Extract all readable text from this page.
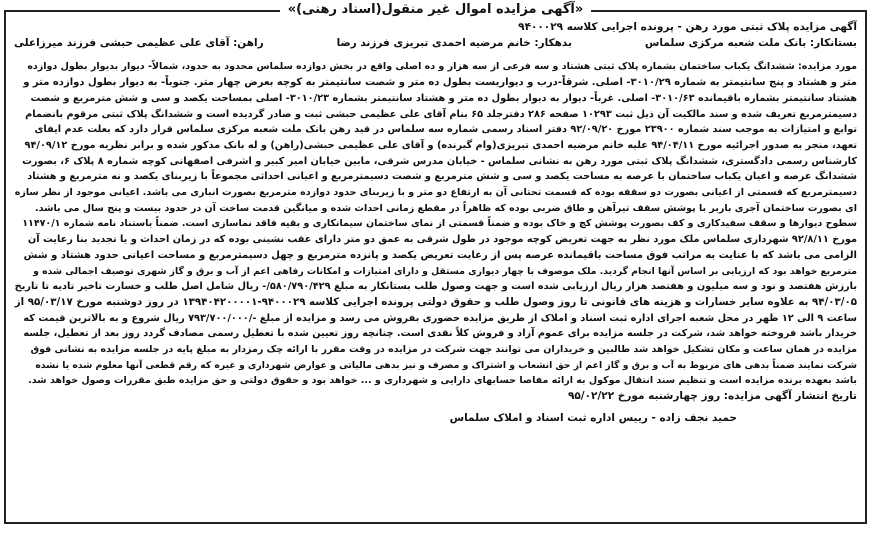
«آگهی مزایده اموال غیر منقول(اسناد رهنی)»
آگهی مزایده پلاک ثبتی مورد رهن - پرونده اجرایی کلاسه ۹۴۰۰۰۲۹
بستانکار: بانک ملت شعبه مرکزی سلماس
بدهکار: خانم مرضیه احمدی تبریزی فرزند رضا
راهن: آقای علی عظیمی حبشی فرزند میرزاعلی
مورد مزایده: ششدانگ یکباب ساختمان بشماره پلاک ثبتی هشتاد و سه فرعی از سه هزار و ده اصلی واقع در بخش دوازده سلماس محدود به حدود، شمالاً- دیوار بدیوار بطول دوازده
متر و هشتاد و پنج سانتیمتر به شماره ۳۰۱۰/۲۹- اصلی. شرقاً-درب و دیواریست بطول ده متر و شصت سانتیمتر به کوچه بعرض چهار متر. جنوباً- به دیوار بطول دوازده متر و
هشتاد سانتیمتر بشماره باقیمانده ۳۰۱۰/۶۳- اصلی. غرباً- دیوار به دیوار بطول ده متر و هشتاد سانتیمتر بشماره ۳۰۱۰/۲۳- اصلی بمساحت یکصد و سی و شش مترمربع و شصت
دسیمترمربع تعریف شده و سند مالکیت آن ذیل ثبت ۱۰۲۹۳ صفحه ۲۸۶ دفترجلد ۶۵ بنام آقای علی عظیمی حبشی ثبت و صادر گردیده است و ششدانگ پلاک ثبتی مرقوم بانضمام
توابع و امتیازات به موجب سند شماره ۲۳۹۰۰ مورخ ۹۲/۰۹/۲۰ دفتر اسناد رسمی شماره سه سلماس در قید رهن بانک ملت شعبه مرکزی سلماس قرار دارد که بعلت عدم ایفای
تعهد، منجر به صدور اجرائیه مورخ ۹۴/۰۴/۱۱ علیه خانم مرضیه احمدی تبریزی(وام گیرنده) و آقای علی عظیمی حبشی(راهن) و له بانک مذکور شده و برابر نظریه مورخ ۹۴/۰۹/۱۲
کارشناس رسمی دادگستری، ششدانگ پلاک ثبتی مورد رهن به نشانی سلماس - خیابان مدرس شرقی، مابین خیابان امیر کبیر و اشرفی اصفهانی کوچه شماره ۸ پلاک ۶، بصورت
ششدانگ عرصه و اعیان یکباب ساختمان با عرصه به مساحت یکصد و سی و شش مترمربع و شصت دسیمترمربع و اعیانی احداثی مجموعاً با زیربنای یکصد و نه مترمربع و هشتاد
دسیمترمربع که قسمتی از اعیانی بصورت دو سقفه بوده که قسمت تحتانی آن به ارتفاع دو متر و با زیربنای حدود دوازده مترمربع بصورت انباری می باشد. اعیانی موجود از نظر سازه
ای بصورت ساختمان آجری باربر با پوشش سقف تیرآهن و طاق ضربی بوده که ظاهراً در مقطع زمانی احداث شده و میانگین قدمت ساخت آن در حدود بیست و پنج سال می باشد.
سطوح دیوارها و سقف سفیدکاری و کف بصورت پوشش کچ و خاک بوده و ضمناً قسمتی از نمای ساختمان سیمانکاری و بقیه فاقد نماسازی است. ضمناً باستناد نامه شماره ۱۱۴۷۰/۱
مورخ ۹۲/۸/۱۱ شهرداری سلماس ملک مورد نظر به جهت تعریض کوچه موجود در طول شرقی به عمق دو متر دارای عقب نشینی بوده که در زمان احداث و یا تجدید بنا رعایت آن
الزامی می باشد که با عنایت به مراتب فوق مساحت باقیمانده عرصه پس از رعایت تعریض یکصد و پانزده مترمربع و چهل دسیمترمربع و مساحت اعیانی حدود هشتاد و شش
مترمربع خواهد بود که ارزیابی بر اساس آنها انجام گردید. ملک موصوف با چهار دیواری مستقل و دارای امتیازات و امکانات رفاهی اعم از آب و برق و گاز شهری توصیف اجمالی شده و
بارزش هفتصد و نود و سه میلیون و هفتصد هزار ریال ارزیابی شده است و جهت وصول طلب بستانکار به مبلغ ۵۸۰/۷۹۰/۴۲۹/- ریال شامل اصل طلب و خسارت تاخیر تادیه تا تاریخ
۹۴/۰۳/۰۵ به علاوه سایر خسارات و هزینه های قانونی تا روز وصول طلب و حقوق دولتی پرونده اجرایی کلاسه ۹۴۰۰۰۲۹-۱۳۹۴۰۴۲۰۰۰۰۱ در روز دوشنبه مورخ ۹۵/۰۳/۱۷ از
ساعت ۹ الی ۱۲ ظهر در محل شعبه اجرای اداره ثبت اسناد و املاک از طریق مزایده حضوری بفروش می رسد و مزایده از مبلغ -/۷۹۳/۷۰۰/۰۰۰ ریال شروع و به بالاترین قیمت که
خریدار باشد فروخته خواهد شد، شرکت در جلسه مزایده برای عموم آزاد و فروش کلاً نقدی است. چنانچه روز تعیین شده با تعطیل رسمی مصادف گردد روز بعد از تعطیل، جلسه
مزایده در همان ساعت و مکان تشکیل خواهد شد طالبین و خریداران می توانند جهت شرکت در مزایده در وقت مقرر با ارائه چک رمزدار به مبلغ پایه در جلسه مزایده به نشانی فوق
شرکت نمایند ضمناً بدهی های مربوط به آب و برق و گاز اعم از حق انشعاب و اشتراک و مصرف و نیز بدهی مالیاتی و عوارض شهرداری و غیره که رقم قطعی آنها معلوم شده یا نشده
باشد بعهده برنده مزایده است و تنظیم سند انتقال موکول به ارائه مفاصا حسابهای دارایی و شهرداری و ... خواهد بود و حقوق دولتی و حق مزایده طبق مقررات وصول خواهد شد.
تاریخ انتشار آگهی مزایده: روز چهارشنبه مورخ ۹۵/۰۲/۲۲
حمید نجف زاده - رییس اداره ثبت اسناد و املاک سلماس
